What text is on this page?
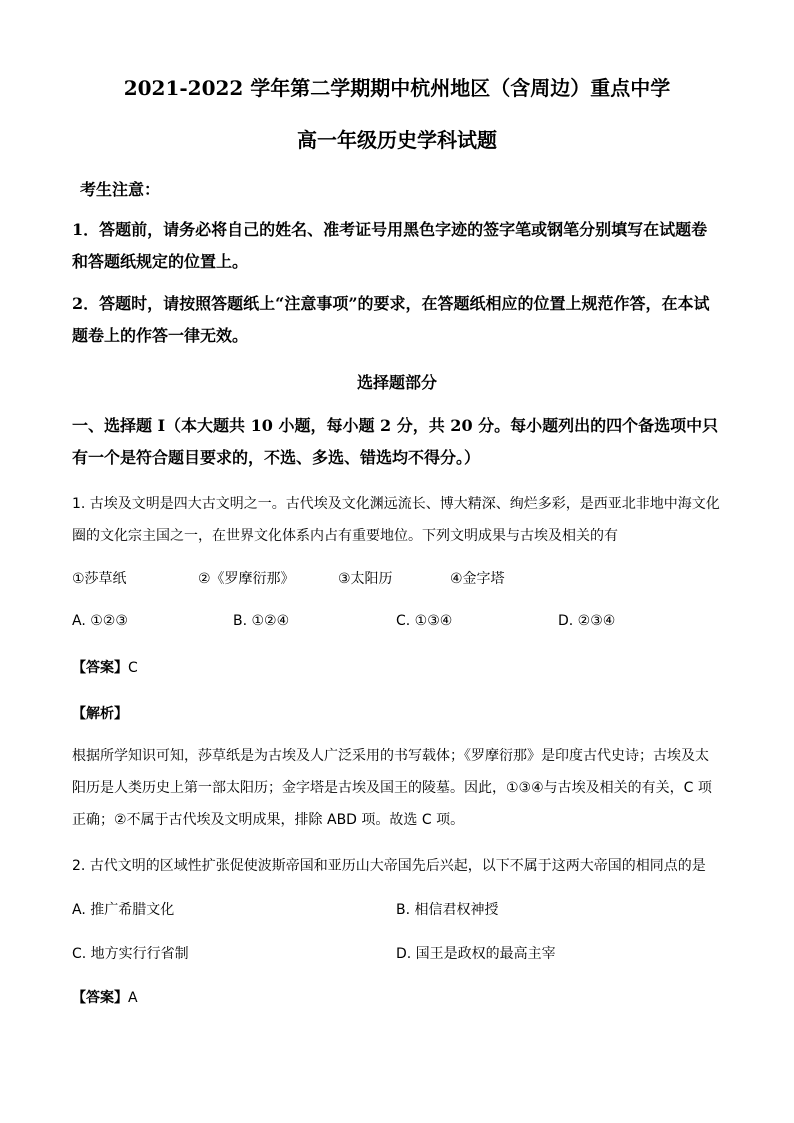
2021-2022 学年第二学期期中杭州地区（含周边）重点中学
高一年级历史学科试题
考生注意：
1．答题前，请务必将自己的姓名、准考证号用黑色字迹的签字笔或钢笔分别填写在试题卷和答题纸规定的位置上。
2．答题时，请按照答题纸上“注意事项”的要求，在答题纸相应的位置上规范作答，在本试题卷上的作答一律无效。
选择题部分
一、选择题 I（本大题共 10 小题，每小题 2 分，共 20 分。每小题列出的四个备选项中只有一个是符合题目要求的，不选、多选、错选均不得分。）
1. 古埃及文明是四大古文明之一。古代埃及文化渊远流长、博大精深、绚烂多彩，是西亚北非地中海文化圈的文化宗主国之一，在世界文化体系内占有重要地位。下列文明成果与古埃及相关的有
①莎草纸	②《罗摩衍那》	③太阳历	④金字塔
A. ①②③	B. ①②④	C. ①③④	D. ②③④
【答案】C
【解析】
根据所学知识可知，莎草纸是为古埃及人广泛采用的书写载体；《罗摩衍那》是印度古代史诗；古埃及太阳历是人类历史上第一部太阳历；金字塔是古埃及国王的陵墓。因此，①③④与古埃及相关的有关，C 项正确；②不属于古代埃及文明成果，排除 ABD 项。故选 C 项。
2. 古代文明的区域性扩张促使波斯帝国和亚历山大帝国先后兴起，以下不属于这两大帝国的相同点的是
A. 推广希腊文化	B. 相信君权神授
C. 地方实行行省制	D. 国王是政权的最高主宰
【答案】A
